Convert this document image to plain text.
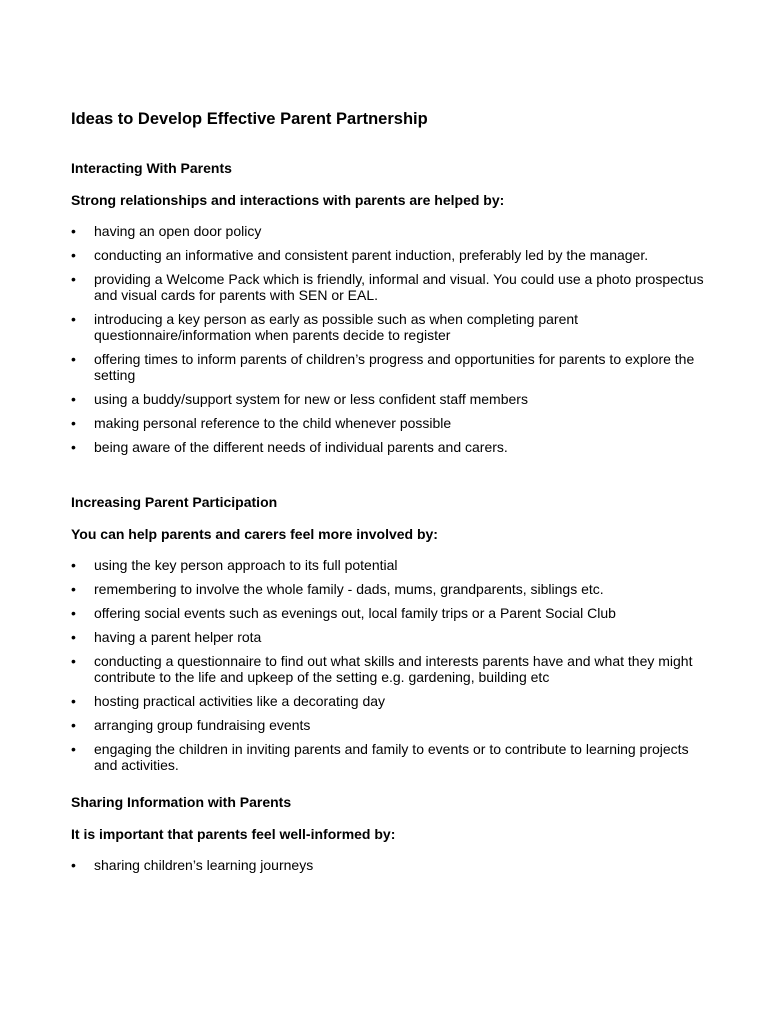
Ideas to Develop Effective Parent Partnership
Interacting With Parents
Strong relationships and interactions with parents are helped by:
•	having an open door policy
•	conducting an informative and consistent parent induction, preferably led by the manager.
•	providing a Welcome Pack which is friendly, informal and visual. You could use a photo prospectus and visual cards for parents with SEN or EAL.
•	introducing a key person as early as possible such as when completing parent questionnaire/information when parents decide to register
•	offering times to inform parents of children’s progress and opportunities for parents to explore the setting
•	using a buddy/support system for new or less confident staff members
•	making personal reference to the child whenever possible
•	being aware of the different needs of individual parents and carers.
Increasing Parent Participation
You can help parents and carers feel more involved by:
•	using the key person approach to its full potential
•	remembering to involve the whole family - dads, mums, grandparents, siblings etc.
•	offering social events such as evenings out, local family trips or a Parent Social Club
•	having a parent helper rota
•	conducting a questionnaire to find out what skills and interests parents have and what they might contribute to the life and upkeep of the setting e.g. gardening, building etc
•	hosting practical activities like a decorating day
•	arranging group fundraising events
•	engaging the children in inviting parents and family to events or to contribute to learning projects and activities.
Sharing Information with Parents
It is important that parents feel well-informed by:
•	sharing children’s learning journeys
